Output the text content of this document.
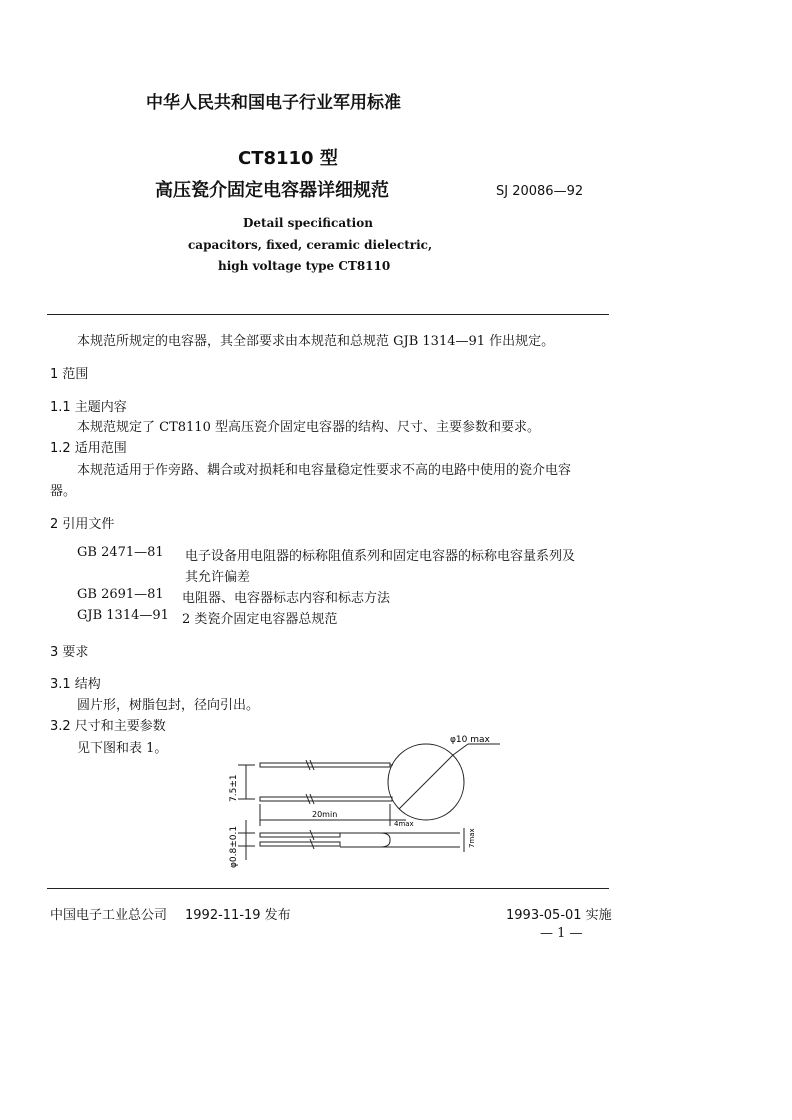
中华人民共和国电子行业军用标准
CT8110 型
高压瓷介固定电容器详细规范	SJ 20086—92
Detail specification
capacitors, fixed, ceramic dielectric,
high voltage type CT8110
本规范所规定的电容器，其全部要求由本规范和总规范 GJB 1314—91 作出规定。
1 范围
1.1 主题内容
本规范规定了 CT8110 型高压瓷介固定电容器的结构、尺寸、主要参数和要求。
1.2 适用范围
本规范适用于作旁路、耦合或对损耗和电容量稳定性要求不高的电路中使用的瓷介电容
器。
2 引用文件
GB 2471—81 电子设备用电阻器的标称阻值系列和固定电容器的标称电容量系列及
其允许偏差
GB 2691—81 电阻器、电容器标志内容和标志方法
GJB 1314—91 2 类瓷介固定电容器总规范
3 要求
3.1 结构
圆片形，树脂包封，径向引出。
3.2 尺寸和主要参数
见下图和表 1。
φ10 max
7.5±1
20min
4max
φ0.8±0.1	7max
中国电子工业总公司 1992-11-19 发布	1993-05-01 实施
— 1 —
